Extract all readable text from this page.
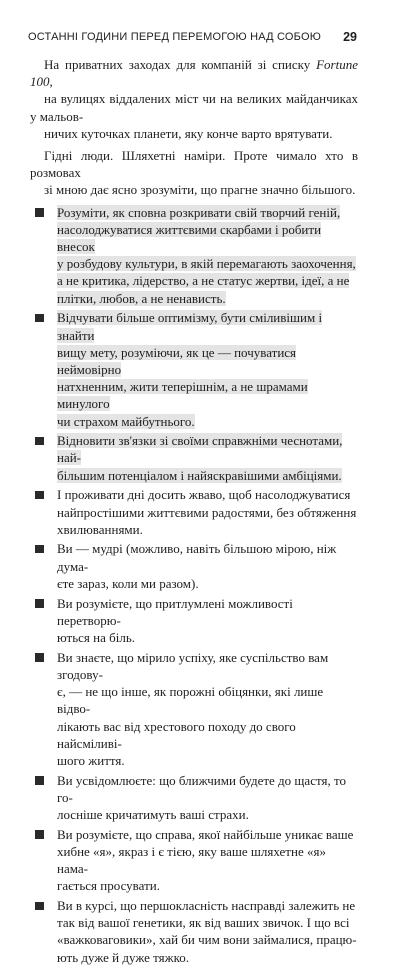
ОСТАННІ ГОДИНИ ПЕРЕД ПЕРЕМОГОЮ НАД СОБОЮ	29

На приватних заходах для компаній зі списку Fortune 100,
на вулицях віддалених міст чи на великих майданчиках у мальов-
ничих куточках планети, яку конче варто врятувати.

Гідні люди. Шляхетні наміри. Проте чимало хто в розмовах
зі мною дає ясно зрозуміти, що прагне значно більшого.

Розуміти, як сповна розкривати свій творчий геній,
насолоджуватися життєвими скарбами і робити внесок
у розбудову культури, в якій перемагають заохочення,
а не критика, лідерство, а не статус жертви, ідеї, а не
плітки, любов, а не ненависть.
Відчувати більше оптимізму, бути сміливішим і знайти
вищу мету, розуміючи, як це — почуватися неймовірно
натхненним, жити теперішнім, а не шрамами минулого
чи страхом майбутнього.
Відновити зв'язки зі своїми справжніми чеснотами, най-
більшим потенціалом і найяскравішими амбіціями.
І проживати дні досить жваво, щоб насолоджуватися
найпростішими життєвими радостями, без обтяження
хвилюваннями.
Ви — мудрі (можливо, навіть більшою мірою, ніж дума-
єте зараз, коли ми разом).
Ви розумієте, що притлумлені можливості перетворю-
ються на біль.
Ви знаєте, що мірило успіху, яке суспільство вам згодову-
є, — не що інше, як порожні обіцянки, які лише відво-
лікають вас від хрестового походу до свого найсміливі-
шого життя.
Ви усвідомлюєте: що ближчими будете до щастя, то го-
лосніше кричатимуть ваші страхи.
Ви розумієте, що справа, якої найбільше уникає ваше
хибне «я», якраз і є тією, яку ваше шляхетне «я» нама-
гається просувати.
Ви в курсі, що першокласність насправді залежить не
так від вашої генетики, як від ваших звичок. І що всі
«важковаговики», хай би чим вони займалися, працю-
ють дуже й дуже тяжко.
